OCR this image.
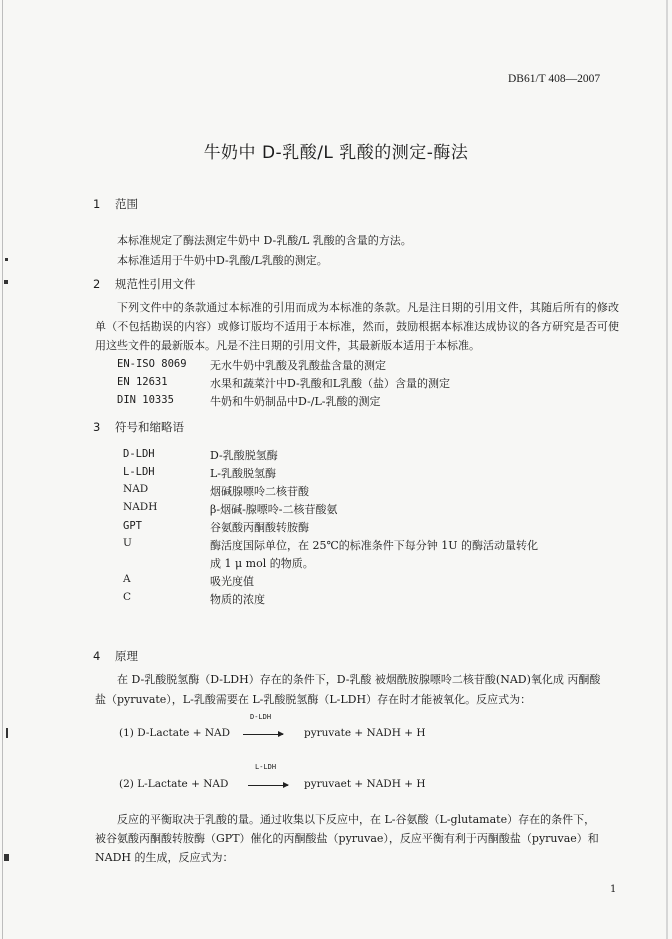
DB61/T 408—2007
牛奶中 D-乳酸/L 乳酸的测定-酶法
1 范围
本标准规定了酶法测定牛奶中 D-乳酸/L 乳酸的含量的方法。
本标准适用于牛奶中D-乳酸/L乳酸的测定。
2 规范性引用文件
下列文件中的条款通过本标准的引用而成为本标准的条款。凡是注日期的引用文件，其随后所有的修改单（不包括勘误的内容）或修订版均不适用于本标准，然而，鼓励根据本标准达成协议的各方研究是否可使用这些文件的最新版本。凡是不注日期的引用文件，其最新版本适用于本标准。
EN-ISO 8069 无水牛奶中乳酸及乳酸盐含量的测定
EN 12631	水果和蔬菜汁中D-乳酸和L乳酸（盐）含量的测定
DIN 10335	牛奶和牛奶制品中D-/L-乳酸的测定
3 符号和缩略语
D-LDH	D-乳酸脱氢酶
L-LDH	L-乳酸脱氢酶
NAD	烟碱腺嘌呤二核苷酸
NADH	β-烟碱-腺嘌呤-二核苷酸氨
GPT	谷氨酸丙酮酸转胺酶
U	酶活度国际单位，在 25℃的标准条件下每分钟 1U 的酶活动量转化
成 1 μ mol 的物质。
A	吸光度值
C	物质的浓度
4 原理
在 D-乳酸脱氢酶（D-LDH）存在的条件下，D-乳酸 被烟酰胺腺嘌呤二核苷酸(NAD)氧化成 丙酮酸
盐（pyruvate），L-乳酸需要在 L-乳酸脱氢酶（L-LDH）存在时才能被氧化。反应式为：
D-LDH
(1) D-Lactate + NAD → pyruvate + NADH + H
L-LDH
(2) L-Lactate + NAD → pyruvaet + NADH + H
反应的平衡取决于乳酸的量。通过收集以下反应中，在 L-谷氨酸（L-glutamate）存在的条件下，
被谷氨酸丙酮酸转胺酶（GPT）催化的丙酮酸盐（pyruvae），反应平衡有利于丙酮酸盐（pyruvae）和
NADH 的生成，反应式为：
1
